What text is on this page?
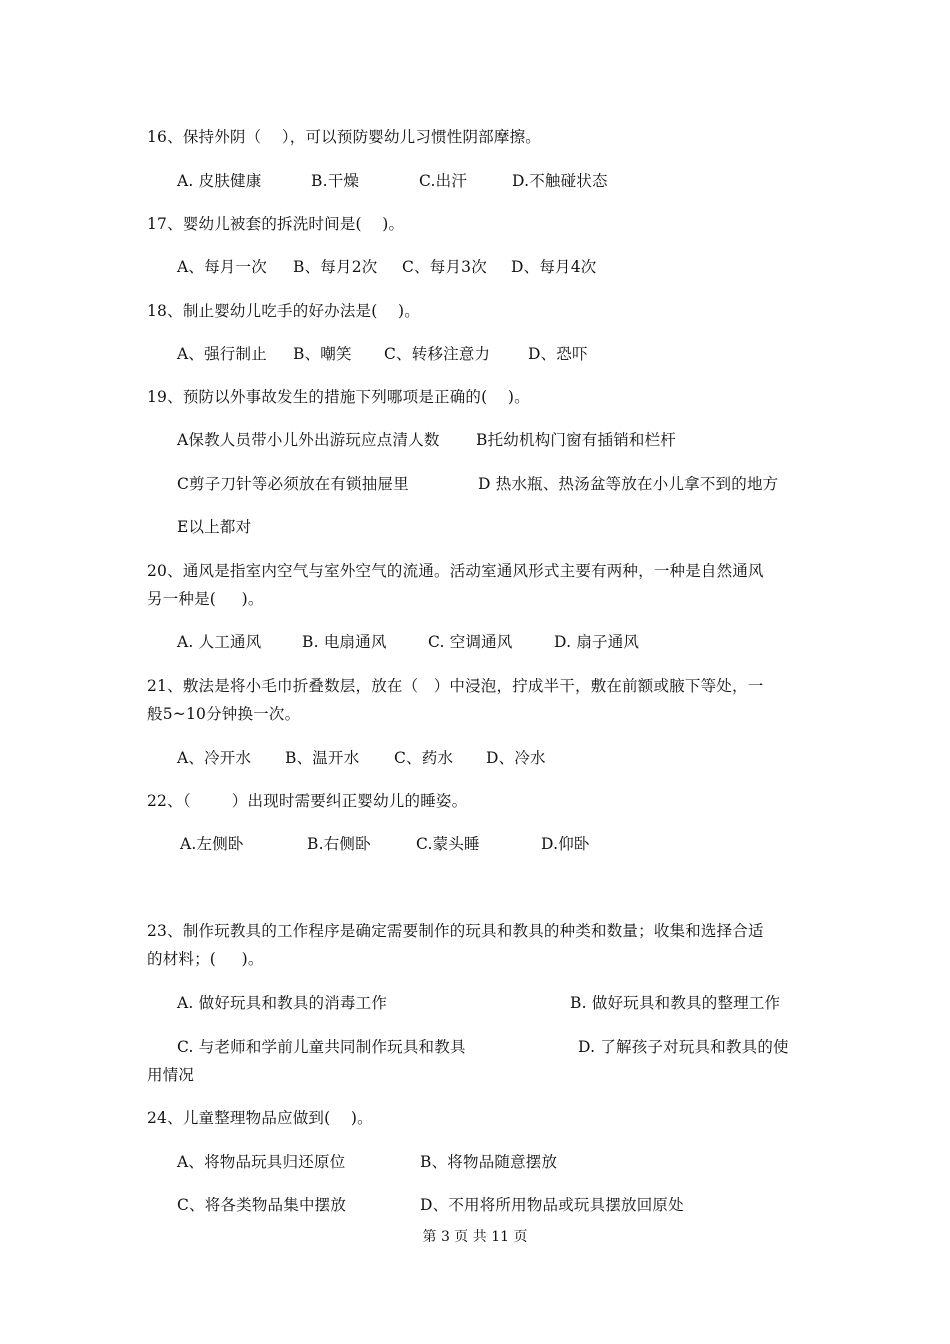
16、保持外阴（    ），可以预防婴幼儿习惯性阴部摩擦。

A. 皮肤健康

	B.干燥

	C.出汗

	D.不触碰状态

17、婴幼儿被套的拆洗时间是(    )。

A、每月一次

B、每月2次

C、每月3次

D、每月4次

18、制止婴幼儿吃手的好办法是(    )。

A、强行制止

B、嘲笑

C、转移注意力

D、恐吓

19、预防以外事故发生的措施下列哪项是正确的(    )。

A保教人员带小儿外出游玩应点清人数

B托幼机构门窗有插销和栏杆

C剪子刀针等必须放在有锁抽屉里

	D 热水瓶、热汤盆等放在小儿拿不到的地方

E以上都对
20、通风是指室内空气与室外空气的流通。活动室通风形式主要有两种，一种是自然通风
另一种是(     )。

A. 人工通风

	B. 电扇通风

	C. 空调通风

	D. 扇子通风

21、敷法是将小毛巾折叠数层，放在（   ）中浸泡，拧成半干，敷在前额或腋下等处，一
般5~10分钟换一次。

A、冷开水

B、温开水

C、药水

D、冷水

22、（        ）出现时需要纠正婴幼儿的睡姿。

A.左侧卧

	B.右侧卧

	C.蒙头睡

	D.仰卧

23、制作玩教具的工作程序是确定需要制作的玩具和教具的种类和数量；收集和选择合适
的材料；(     )。

A. 做好玩具和教具的消毒工作

	B. 做好玩具和教具的整理工作

C. 与老师和学前儿童共同制作玩具和教具

	D. 了解孩子对玩具和教具的使

用情况
24、儿童整理物品应做到(    )。

A、将物品玩具归还原位

	B、将物品随意摆放

C、将各类物品集中摆放

	D、不用将所用物品或玩具摆放回原处

第 3 页 共 11 页
